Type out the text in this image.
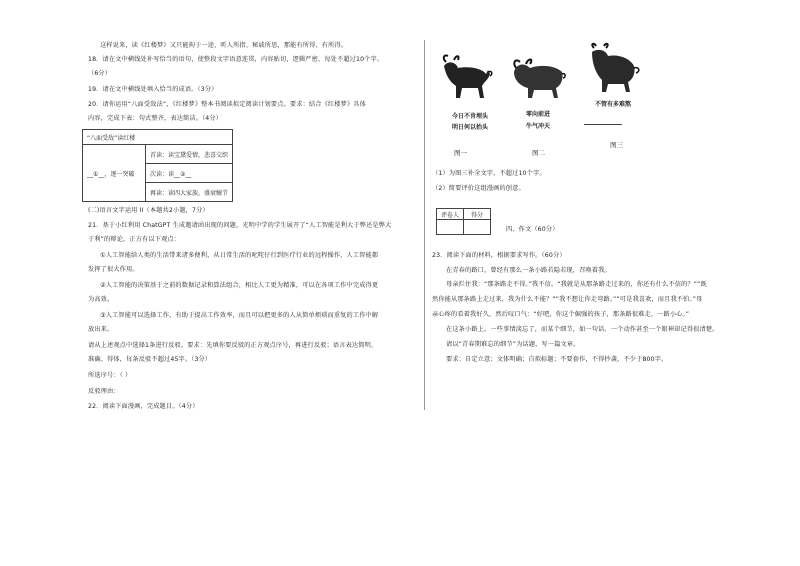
这样说来，读《红楼梦》又只能拘于一途，听人所指、秘戚所思，那能有所得、有所得。
18．请在文中横线处补写恰当的语句，使整段文字语意连贯，内容贴切，逻辑严密，每处不超过10个字。
（6分）
19．请在文中横线处填入恰当的成语。（3分）
20．请你运用“八面受敌法”，《红楼梦》整本书阅读拟定阅读计划要点。要求：结合《红楼梦》具体
内容，完成下表：句式整齐，表达简洁。（4分）
“八面受敌”读红楼
__①__，逐一突破	首读：读宝黛爱情，悲喜交织
次读：读__②__
再读：读四大家族，盛衰嬗节
(二)语言文字运用 II（本题共2小题，7分）
21．基于小红利用 ChatGPT 生成邀请函出现的问题，光明中学的学生展开了“人工智能是利大于弊还是弊大
于利”的辩论，正方有以下观点：
①人工智能给人类的生活带来诸多便利，从日常生活的叱咤仔行到医疗行业的远程操作，人工智能都
发挥了很大作用。
②人工智能的决策基于之前的数据记录和算法组合，相比人工更为精准，可以在各项工作中完成得更
为高效。
③人工智能可以选择工作，有助于提高工作效率，而且可以把更多的人从简单烦琐而重复的工作中解
放出来。
请从上述观点中选择1条进行反驳。要求：先填你要反驳的正方观点序号，再进行反驳；语言表达简明、
准确、得体，每条反驳不超过45字。（3分）
所选序号：（ ）
反驳理由：
22．阅读下面漫画，完成题目。（4分）
今日不肯埋头
明日何以抬头
零向前进
牛气冲天
不管有多难熬
图一	图二
图三
（1）为图三补全文字，不超过10个字。
（2）简要评价这组漫画的创意。
评卷人	得分

四、作文（60分）
23．阅读下面的材料，根据要求写作。（60分）
在青春的路口，曾经有那么一条小路若隐若现，召唤着我。
母亲拦住我：“那条路走不得。”我不信。“我就是从那条路走过来的，你还有什么不信的？”“既
然你能从那条路上走过来，我为什么不能？”“我不想让你走弯路。”“可是我喜欢，而且我不怕。”母
亲心疼的看着我好久，然后叹口气：“好吧，你这个倔强的孩子，那条路很难走，一路小心。”
在这条小路上，一些事情淡忘了，而某个细节，如一句话、一个动作甚至一个眼神却记得很清楚。
请以“青春期难忘的细节”为话题，写一篇文章。
要求：自定立意；文体明确；自拟标题；不要套作，不得抄袭，不少于800字。
